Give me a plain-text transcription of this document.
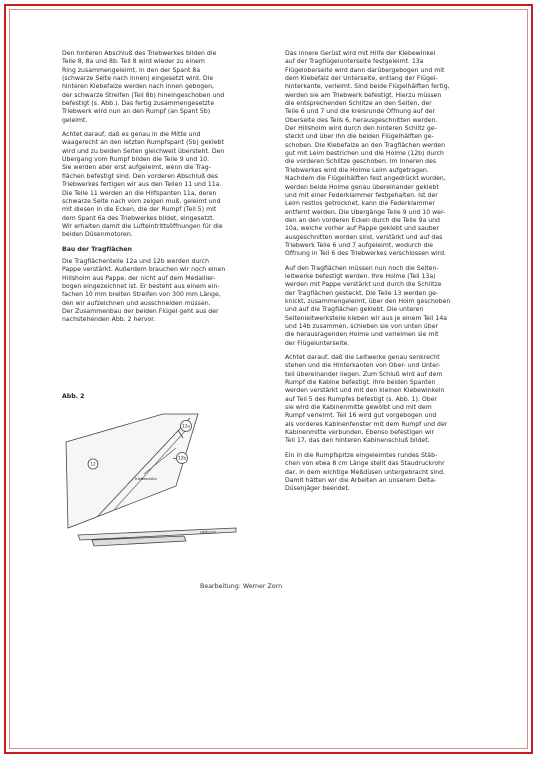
Den hinteren Abschluß des Triebwerkes bilden die
Teile 8, 8a und 8b. Teil 8 wird wieder zu einem
Ring zusammengeleimt, in den der Spant 8a
(schwarze Seite nach innen) eingesetzt wird. Die
hinteren Klebefalze werden nach innen gebogen,
der schwarze Streifen (Teil 8b) hineingeschoben und
befestigt (s. Abb.). Das fertig zusammengesetzte
Triebwerk wird nun an den Rumpf (an Spant 5b)
geleimt.

Achtet darauf, daß es genau in die Mitte und
waagerecht an den letzten Rumpfspant (5b) geklebt
wird und zu beiden Seiten gleichweit übersteht. Den
Übergang vom Rumpf bilden die Teile 9 und 10.
Sie werden aber erst aufgeleimt, wenn die Trag-
flächen befestigt sind. Den vorderen Abschluß des
Triebwerkes fertigen wir aus den Teilen 11 und 11a.
Die Teile 11 werden an die Hilfspanten 11a, deren
schwarze Seite nach vorn zeigen muß, geleimt und
mit diesen in die Ecken, die der Rumpf (Teil 5) mit
dem Spant 6a des Triebwerkes bildet, eingesetzt.
Wir erhalten damit die Lufteintrittsöffnungen für die
beiden Düsenmotoren.

Bau der Tragflächen

Die Tragflächenteile 12a und 12b werden durch
Pappe verstärkt. Außerdem brauchen wir noch einen
Hillsholm aus Pappe, der nicht auf dem Medallier-
bogen eingezeichnet ist. Er besteht aus einem ein-
fachen 10 mm breiten Streifen von 300 mm Länge,
den wir aufzeichnen und ausschneiden müssen.
Der Zusammenbau der beiden Flügel geht aus der
nachstehenden Abb. 2 hervor.

Abb. 2
12a
12b
12
Klebeschlitz
Hilfsholm

Das innere Gerüst wird mit Hilfe der Klebewinkel
auf der Tragflügelunterseite festgeleimt. 13a
Flügeloberseite wird dann darübergebogen und mit
dem Klebefalz der Unterseite, entlang der Flügel-
hinterkante, verleimt. Sind beide Flügelhälften fertig,
werden sie am Triebwerk befestigt. Hierzu müssen
die entsprechenden Schlitze an den Seiten, der
Teile 6 und 7 und die kreisrunde Öffnung auf der
Oberseite des Teils 6, herausgeschnitten werden.
Der Hillsholm wird durch den hinteren Schlitz ge-
steckt und über ihn die beiden Flügelhälften ge-
schoben. Die Klebefalze an den Tragflächen werden
gut mit Leim bestrichen und die Holme (12b) durch
die vorderen Schlitze geschoben. Im Inneren des
Triebwerkes wird die Holme Leim aufgetragen.
Nachdem die Flügelhälften fest angedrückt wurden,
werden beide Holme genau übereinander geklebt
und mit einer Federklammer festgehalten. Ist der
Leim restlos getrocknet, kann die Federklammer
entfernt werden. Die Übergänge Teile 9 und 10 wer-
den an den vorderen Ecken durch die Teile 9a und
10a, welche vorher auf Pappe geklebt und sauber
ausgeschnitten worden sind, verstärkt und auf das
Triebwerk Teile 6 und 7 aufgeleimt, wodurch die
Öffnung in Teil 6 des Triebwerkes verschlossen wird.

Auf den Tragflächen müssen nun noch die Seiten-
leitwerke befestigt werden. Ihre Holme (Teil 13a)
werden mit Pappe verstärkt und durch die Schlitze
der Tragflächen gesteckt. Die Teile 13 werden ge-
knickt, zusammengeleimt, über den Holm geschoben
und auf die Tragflächen geklebt. Die unteren
Seitenleitwerksteile kleben wir aus je einem Teil 14a
und 14b zusammen, schieben sie von unten über
die herausragenden Holme und verleimen sie mit
der Flügelunterseite.

Achtet darauf, daß die Leitwerke genau senkrecht
stehen und die Hinterkanten von Ober- und Unter-
teil übereinander liegen. Zum Schluß wird auf dem
Rumpf die Kabine befestigt. Ihre beiden Spanten
werden verstärkt und mit den kleinen Klebewinkeln
auf Teil 5 des Rumpfes befestigt (s. Abb. 1). Ober
sie wird die Kabinenmitte gewölbt und mit dem
Rumpf verleimt. Teil 16 wird gut vorgebogen und
als vorderes Kabinenfenster mit dem Rumpf und der
Kabinenmitte verbunden. Ebenso befestigen wir
Teil 17, das den hinteren Kabinenschluß bildet.

Ein in die Rumpfspitze eingeleimtes rundes Stäb-
chen von etwa 8 cm Länge stellt das Staudruckrohr
dar, in dem wichtige Meßdüsen untergebracht sind.
Damit hätten wir die Arbeiten an unserem Delta-
Düsenjäger beendet.

Bearbeitung: Werner Zorn
